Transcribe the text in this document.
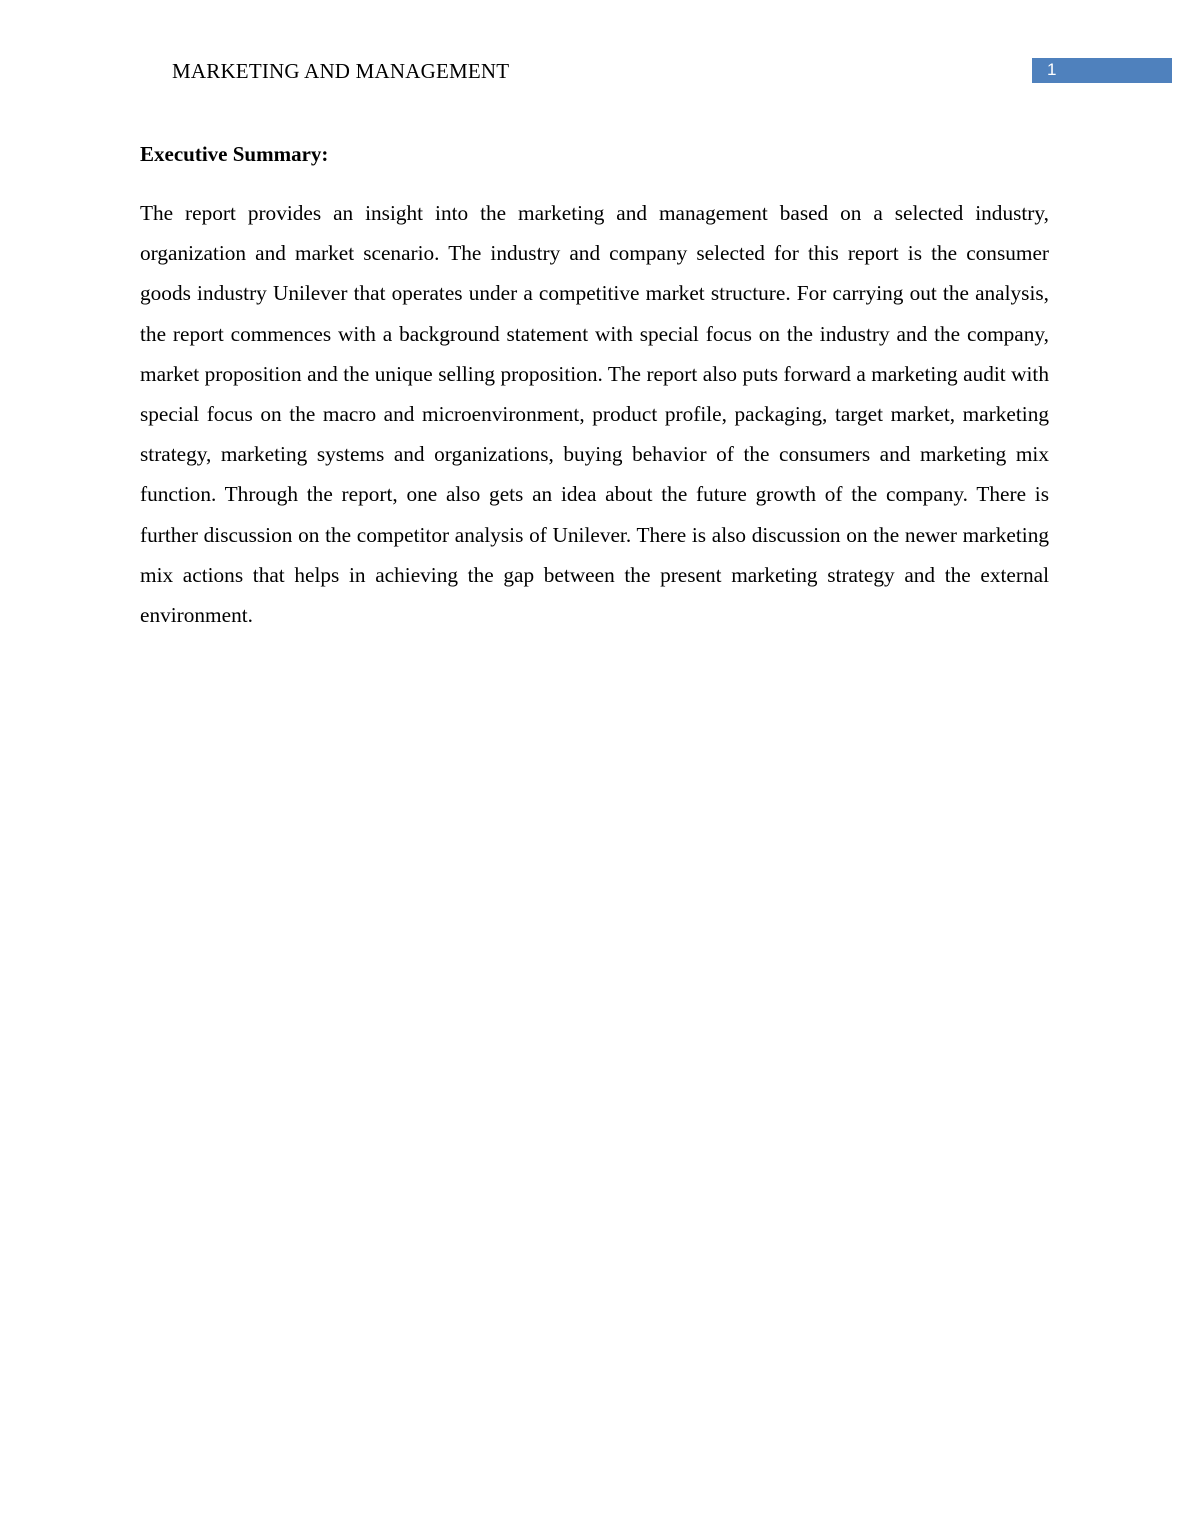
MARKETING AND MANAGEMENT	1
Executive Summary:

The report provides an insight into the marketing and management based on a selected industry, organization and market scenario. The industry and company selected for this report is the consumer goods industry Unilever that operates under a competitive market structure. For carrying out the analysis, the report commences with a background statement with special focus on the industry and the company, market proposition and the unique selling proposition. The report also puts forward a marketing audit with special focus on the macro and microenvironment, product profile, packaging, target market, marketing strategy, marketing systems and organizations, buying behavior of the consumers and marketing mix function. Through the report, one also gets an idea about the future growth of the company. There is further discussion on the competitor analysis of Unilever. There is also discussion on the newer marketing mix actions that helps in achieving the gap between the present marketing strategy and the external environment.
